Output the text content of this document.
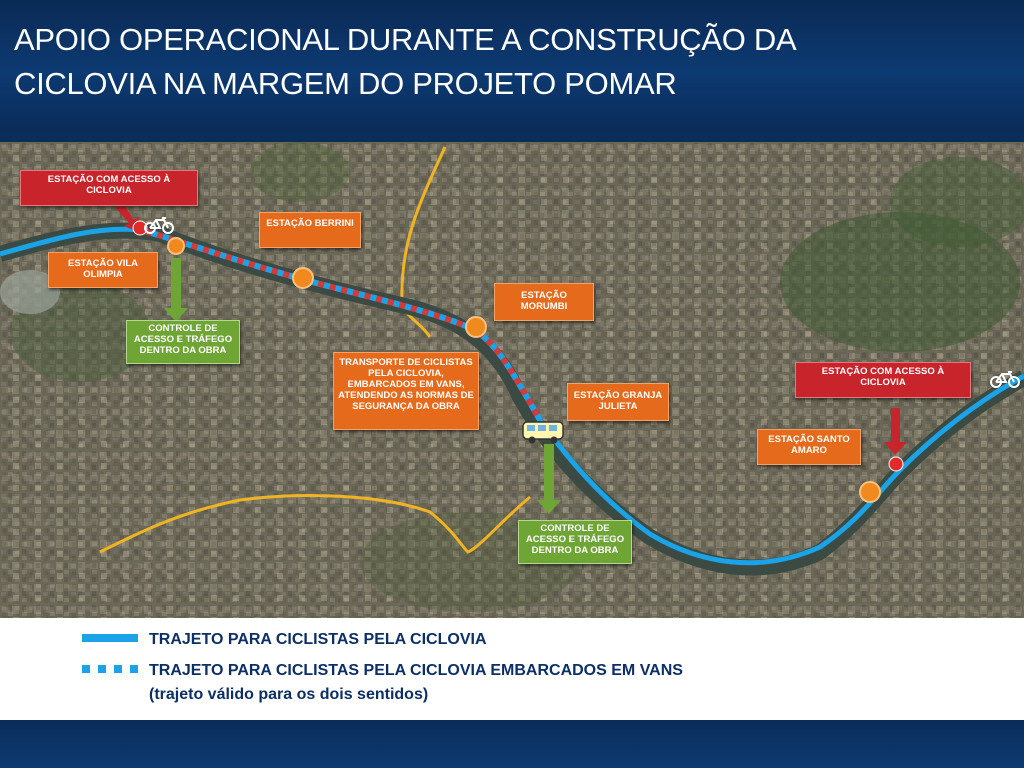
APOIO OPERACIONAL DURANTE A CONSTRUÇÃO DA
CICLOVIA NA MARGEM DO PROJETO POMAR
ESTAÇÃO COM ACESSO À CICLOVIA
ESTAÇÃO BERRINI
ESTAÇÃO VILA OLIMPIA
ESTAÇÃO MORUMBI
CONTROLE DE ACESSO E TRÁFEGO DENTRO DA OBRA
TRANSPORTE DE CICLISTAS PELA CICLOVIA, EMBARCADOS EM VANS, ATENDENDO AS NORMAS DE SEGURANÇA DA OBRA
ESTAÇÃO GRANJA JULIETA
ESTAÇÃO COM ACESSO À CICLOVIA
ESTAÇÃO SANTO AMARO
CONTROLE DE ACESSO E TRÁFEGO DENTRO DA OBRA
TRAJETO PARA CICLISTAS PELA CICLOVIA
TRAJETO PARA CICLISTAS PELA CICLOVIA EMBARCADOS EM VANS
(trajeto válido para os dois sentidos)
